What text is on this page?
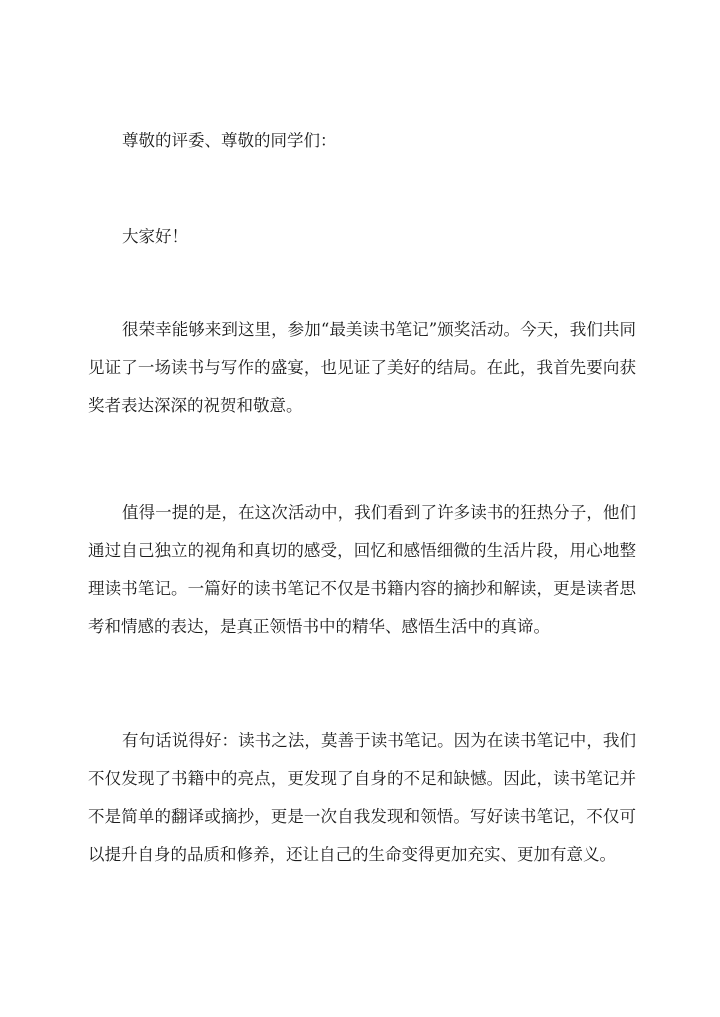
尊敬的评委、尊敬的同学们：

大家好！

很荣幸能够来到这里，参加“最美读书笔记”颁奖活动。今天，我们共同见证了一场读书与写作的盛宴，也见证了美好的结局。在此，我首先要向获奖者表达深深的祝贺和敬意。

值得一提的是，在这次活动中，我们看到了许多读书的狂热分子，他们通过自己独立的视角和真切的感受，回忆和感悟细微的生活片段，用心地整理读书笔记。一篇好的读书笔记不仅是书籍内容的摘抄和解读，更是读者思考和情感的表达，是真正领悟书中的精华、感悟生活中的真谛。

有句话说得好：读书之法，莫善于读书笔记。因为在读书笔记中，我们不仅发现了书籍中的亮点，更发现了自身的不足和缺憾。因此，读书笔记并不是简单的翻译或摘抄，更是一次自我发现和领悟。写好读书笔记，不仅可以提升自身的品质和修养，还让自己的生命变得更加充实、更加有意义。
